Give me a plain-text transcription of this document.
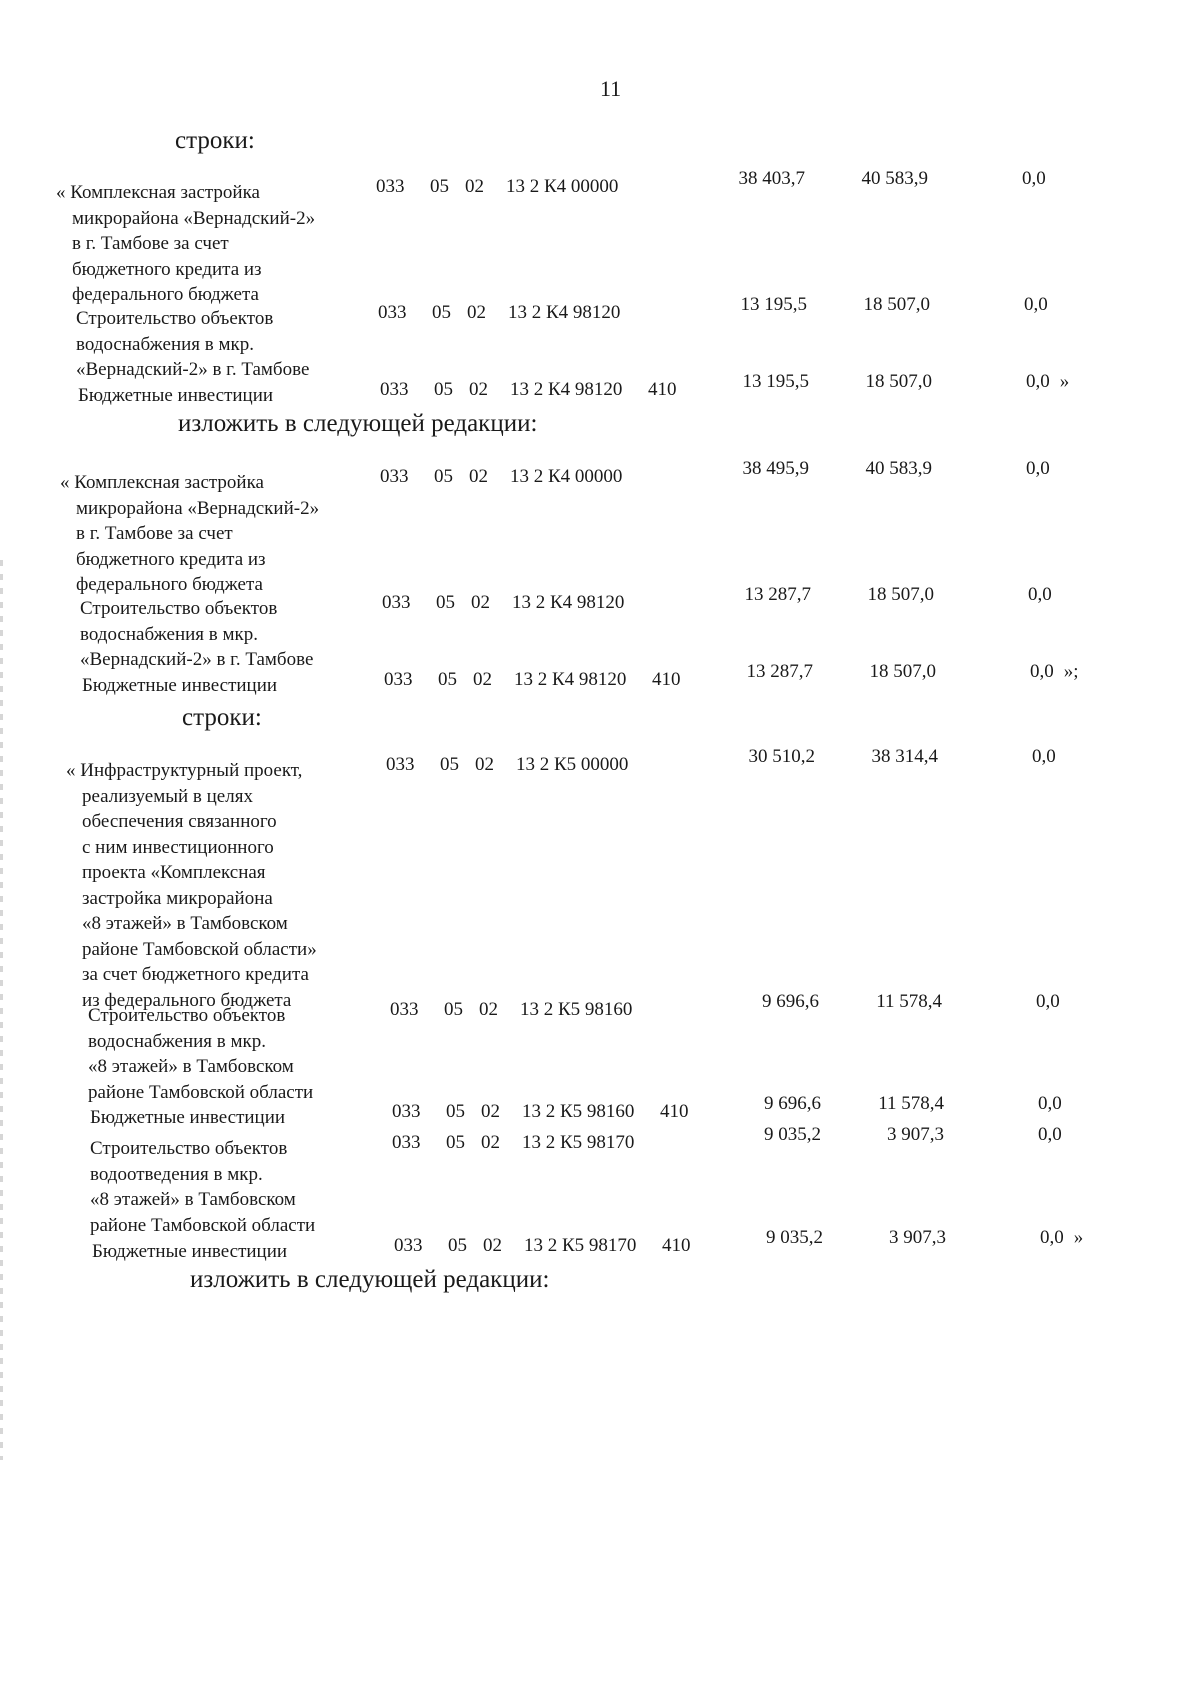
11
строки:
« Комплексная застройка
микрорайона «Вернадский-2»
в г. Тамбове за счет
бюджетного кредита из
федерального бюджета
033 05 02 13 2 К4 00000	38 403,7	40 583,9	0,0
Строительство объектов
водоснабжения в мкр.
«Вернадский-2» в г. Тамбове
033 05 02 13 2 К4 98120	13 195,5	18 507,0	0,0
Бюджетные инвестиции	033 05 02 13 2 К4 98120 410	13 195,5	18 507,0	0,0 »
изложить в следующей редакции:
« Комплексная застройка
микрорайона «Вернадский-2»
в г. Тамбове за счет
бюджетного кредита из
федерального бюджета
033 05 02 13 2 К4 00000	38 495,9	40 583,9	0,0
Строительство объектов
водоснабжения в мкр.
«Вернадский-2» в г. Тамбове
033 05 02 13 2 К4 98120	13 287,7	18 507,0	0,0
Бюджетные инвестиции	033 05 02 13 2 К4 98120 410	13 287,7	18 507,0	0,0 »;
строки:
« Инфраструктурный проект,
реализуемый в целях
обеспечения связанного
с ним инвестиционного
проекта «Комплексная
застройка микрорайона
«8 этажей» в Тамбовском
районе Тамбовской области»
за счет бюджетного кредита
из федерального бюджета
033 05 02 13 2 К5 00000	30 510,2	38 314,4	0,0
Строительство объектов
водоснабжения в мкр.
«8 этажей» в Тамбовском
районе Тамбовской области
033 05 02 13 2 К5 98160	9 696,6	11 578,4	0,0
Бюджетные инвестиции	033 05 02 13 2 К5 98160 410	9 696,6	11 578,4	0,0
Строительство объектов
водоотведения в мкр.
«8 этажей» в Тамбовском
районе Тамбовской области
033 05 02 13 2 К5 98170	9 035,2	3 907,3	0,0
Бюджетные инвестиции	033 05 02 13 2 К5 98170 410	9 035,2	3 907,3	0,0 »
изложить в следующей редакции:
